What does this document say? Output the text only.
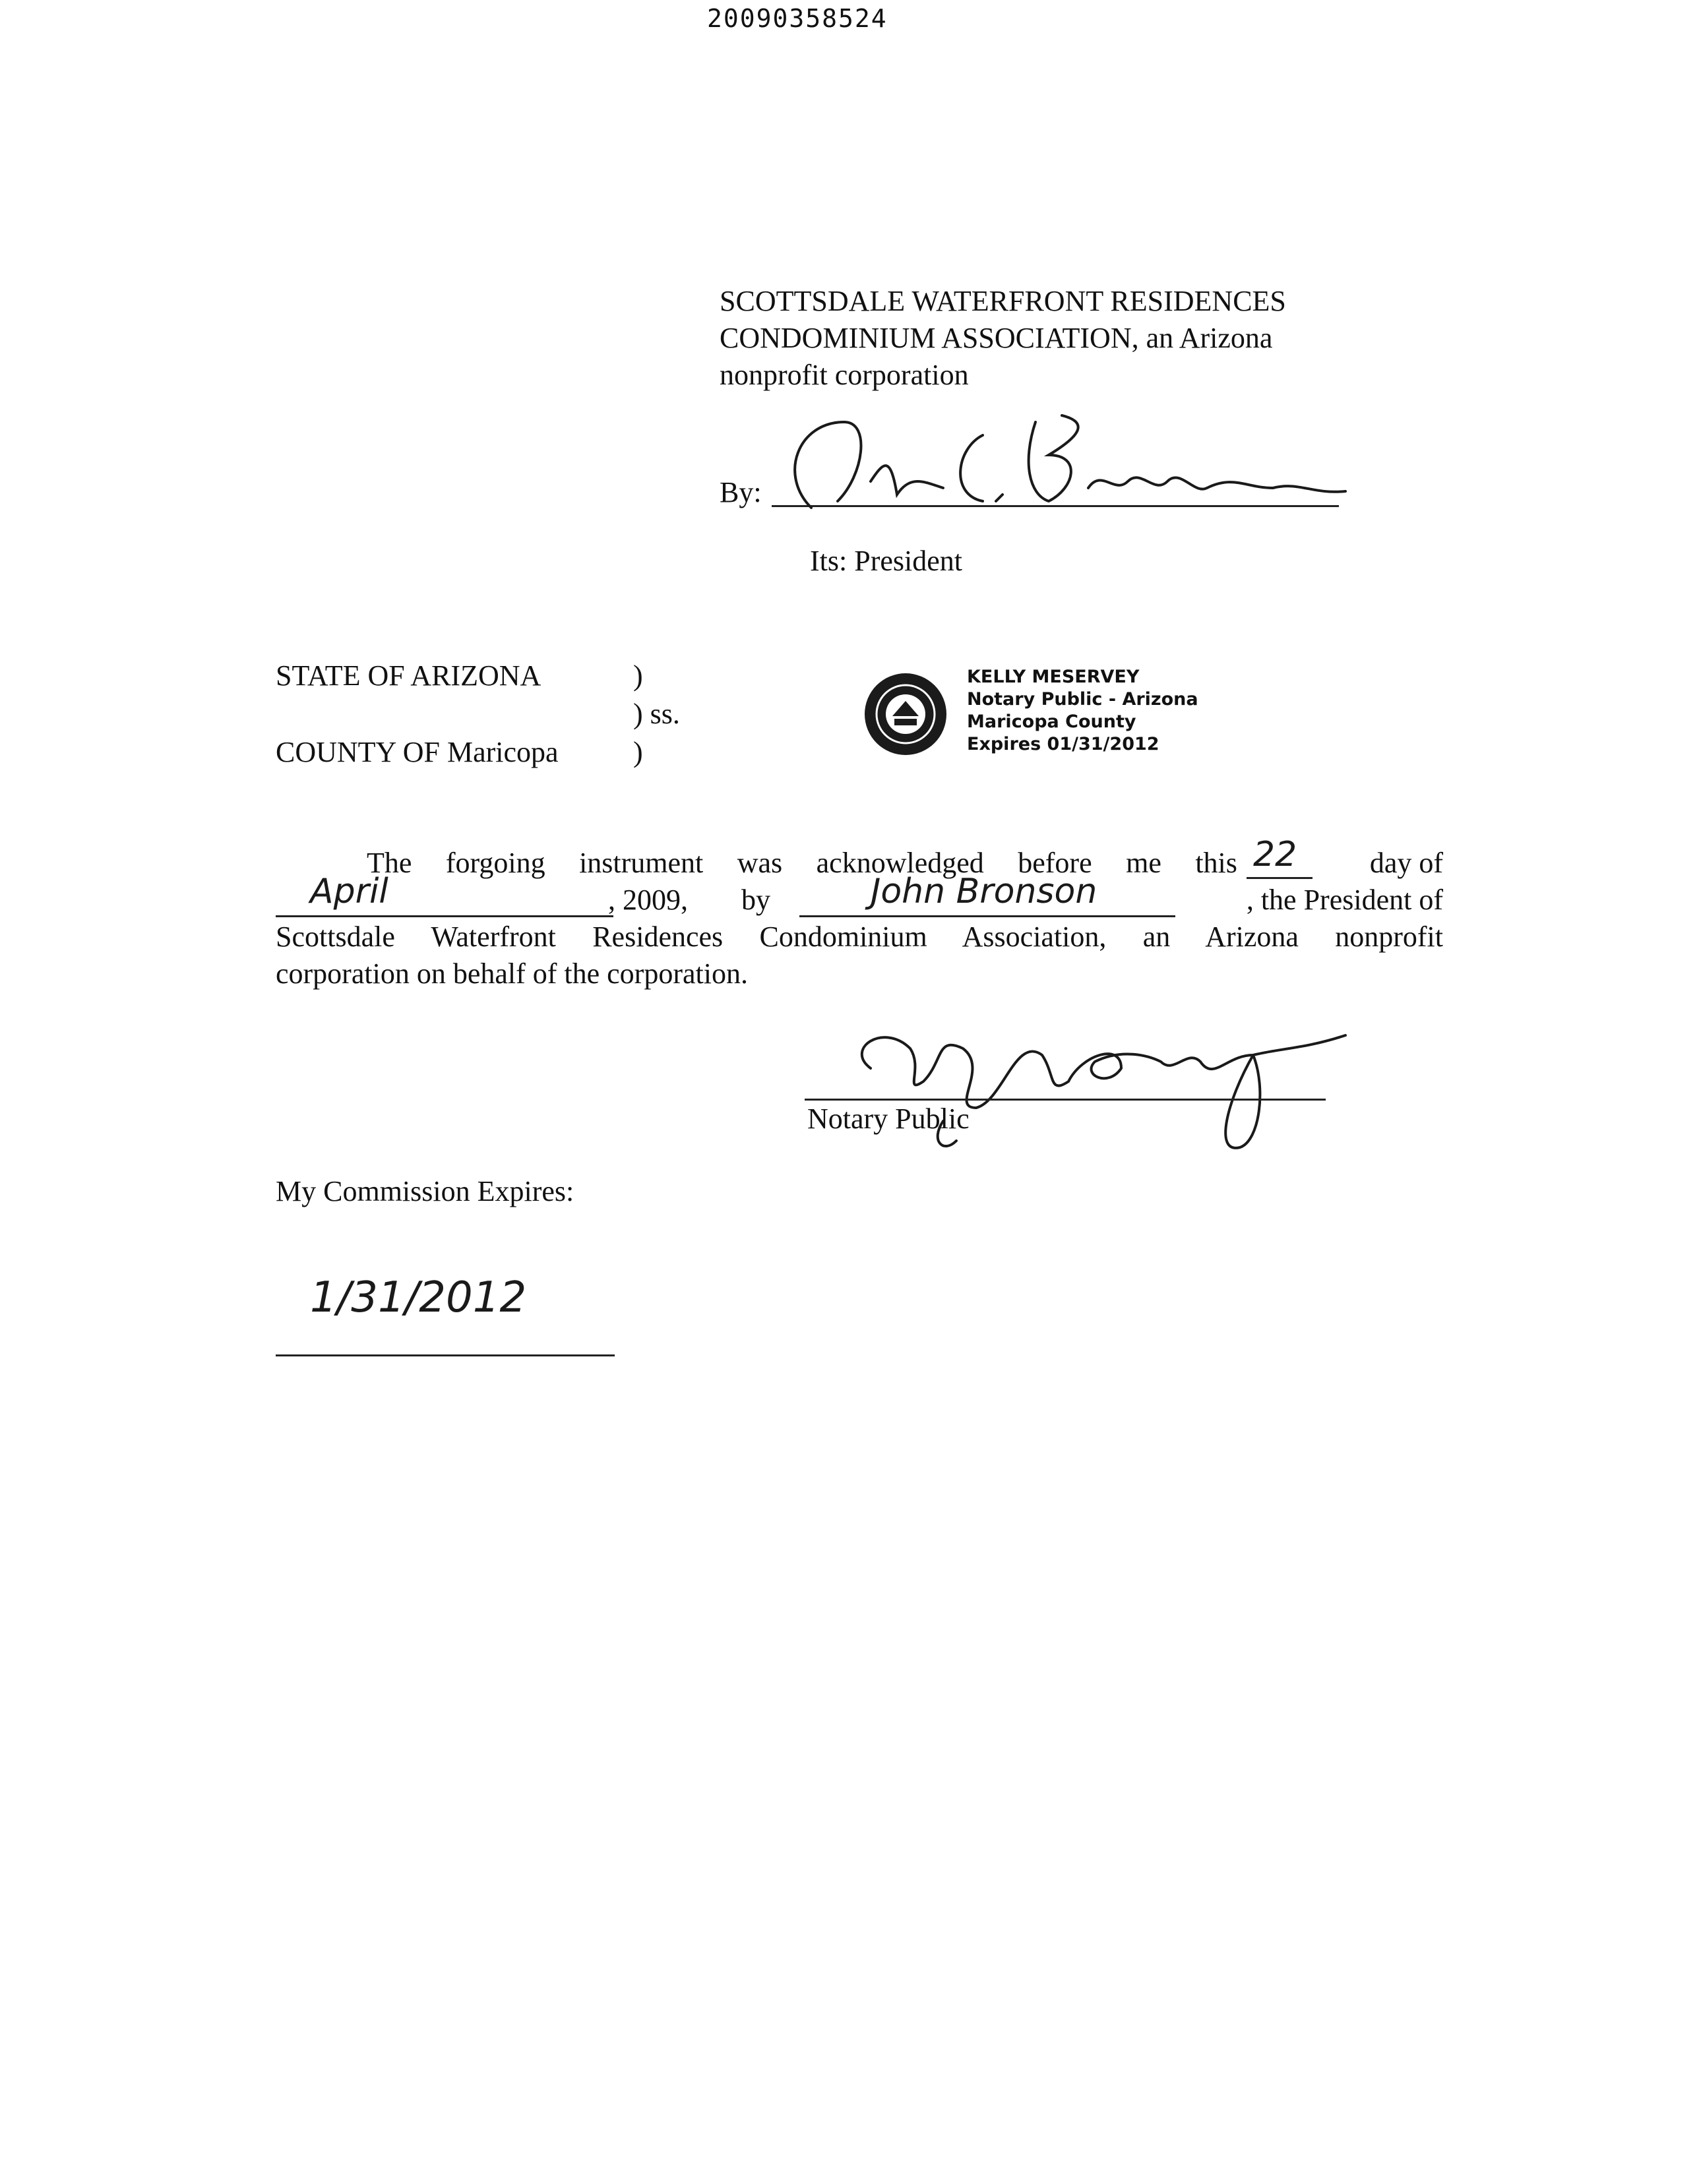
20090358524
SCOTTSDALE WATERFRONT RESIDENCES
CONDOMINIUM ASSOCIATION, an Arizona
nonprofit corporation
By:
Its: President
STATE OF ARIZONA	)
) ss.
COUNTY OF Maricopa	)
KELLY MESERVEY
Notary Public - Arizona
Maricopa County
Expires 01/31/2012
The forgoing instrument was acknowledged before me this 22	day of
April	, 2009, by	John Bronson	, the President of
Scottsdale Waterfront Residences Condominium Association, an Arizona nonprofit
corporation on behalf of the corporation.
Notary Public
My Commission Expires:
1/31/2012
